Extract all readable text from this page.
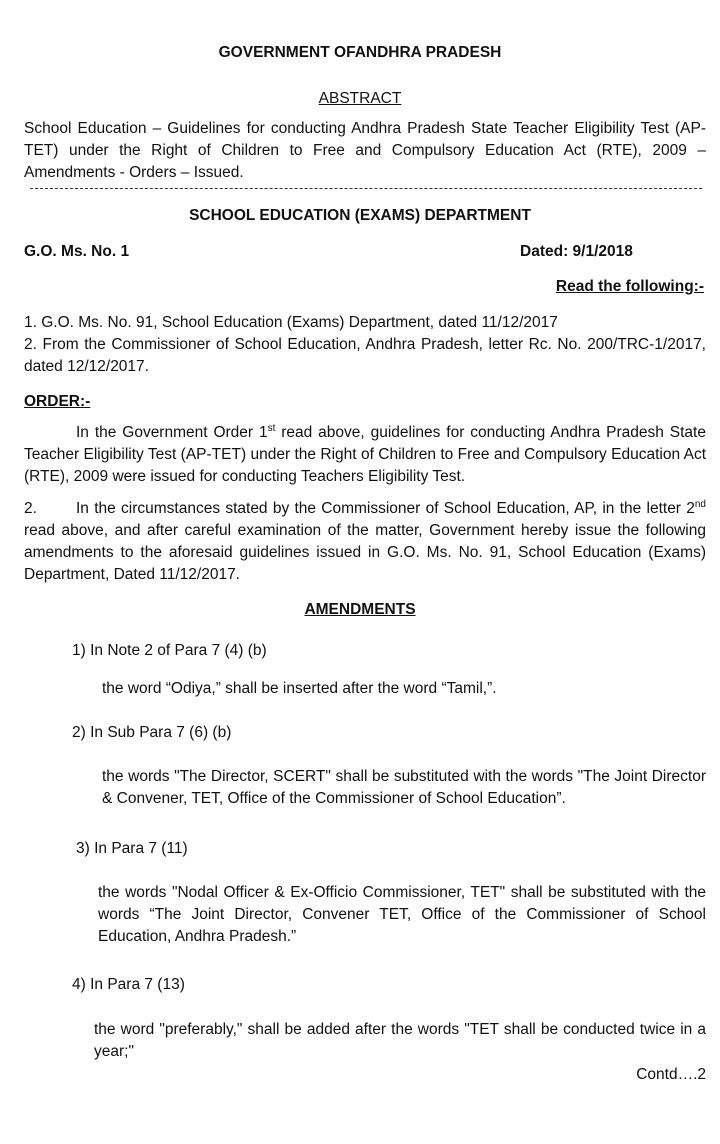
GOVERNMENT OFANDHRA PRADESH
ABSTRACT
School Education – Guidelines for conducting Andhra Pradesh State Teacher Eligibility Test (AP-TET) under the Right of Children to Free and Compulsory Education Act (RTE), 2009 – Amendments - Orders – Issued.
SCHOOL EDUCATION (EXAMS) DEPARTMENT
G.O. Ms. No. 1	Dated: 9/1/2018
Read the following:-
1. G.O. Ms. No. 91, School Education (Exams) Department, dated 11/12/2017
2. From the Commissioner of School Education, Andhra Pradesh, letter Rc. No. 200/TRC-1/2017, dated 12/12/2017.
ORDER:-
In the Government Order 1st read above, guidelines for conducting Andhra Pradesh State Teacher Eligibility Test (AP-TET) under the Right of Children to Free and Compulsory Education Act (RTE), 2009 were issued for conducting Teachers Eligibility Test.
2.	In the circumstances stated by the Commissioner of School Education, AP, in the letter 2nd read above, and after careful examination of the matter, Government hereby issue the following amendments to the aforesaid guidelines issued in G.O. Ms. No. 91, School Education (Exams) Department, Dated 11/12/2017.
AMENDMENTS
1) In Note 2 of Para 7 (4) (b)
the word “Odiya,” shall be inserted after the word “Tamil,”.
2) In Sub Para 7 (6) (b)
the words "The Director, SCERT" shall be substituted with the words "The Joint Director & Convener, TET, Office of the Commissioner of School Education”.
3) In Para 7 (11)
the words "Nodal Officer & Ex-Officio Commissioner, TET" shall be substituted with the words “The Joint Director, Convener TET, Office of the Commissioner of School Education, Andhra Pradesh.”
4) In Para 7 (13)
the word "preferably," shall be added after the words "TET shall be conducted twice in a year;"
Contd….2
